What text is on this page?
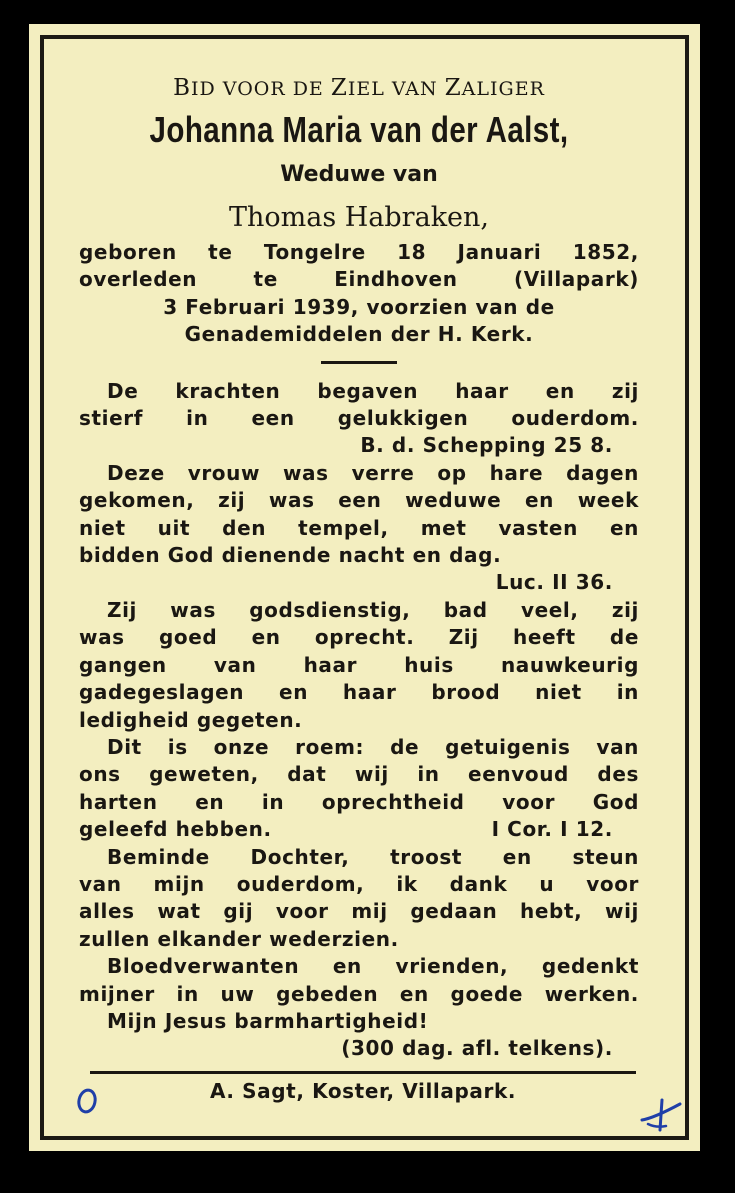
BID VOOR DE ZIEL VAN ZALIGER
Johanna Maria van der Aalst,
Weduwe van
Thomas Habraken,
geboren te Tongelre 18 Januari 1852,
overleden te Eindhoven (Villapark)
3 Februari 1939, voorzien van de
Genademiddelen der H. Kerk.
De krachten begaven haar en zij
stierf in een gelukkigen ouderdom.
B. d. Schepping 25 8.
Deze vrouw was verre op hare dagen
gekomen, zij was een weduwe en week
niet uit den tempel, met vasten en
bidden God dienende nacht en dag.
Luc. II 36.
Zij was godsdienstig, bad veel, zij
was goed en oprecht. Zij heeft de
gangen van haar huis nauwkeurig
gadegeslagen en haar brood niet in
ledigheid gegeten.
Dit is onze roem: de getuigenis van
ons geweten, dat wij in eenvoud des
harten en in oprechtheid voor God
geleefd hebben.	I Cor. I 12.
Beminde Dochter, troost en steun
van mijn ouderdom, ik dank u voor
alles wat gij voor mij gedaan hebt, wij
zullen elkander wederzien.
Bloedverwanten en vrienden, gedenkt
mijner in uw gebeden en goede werken.
Mijn Jesus barmhartigheid!
(300 dag. afl. telkens).
A. Sagt, Koster, Villapark.
